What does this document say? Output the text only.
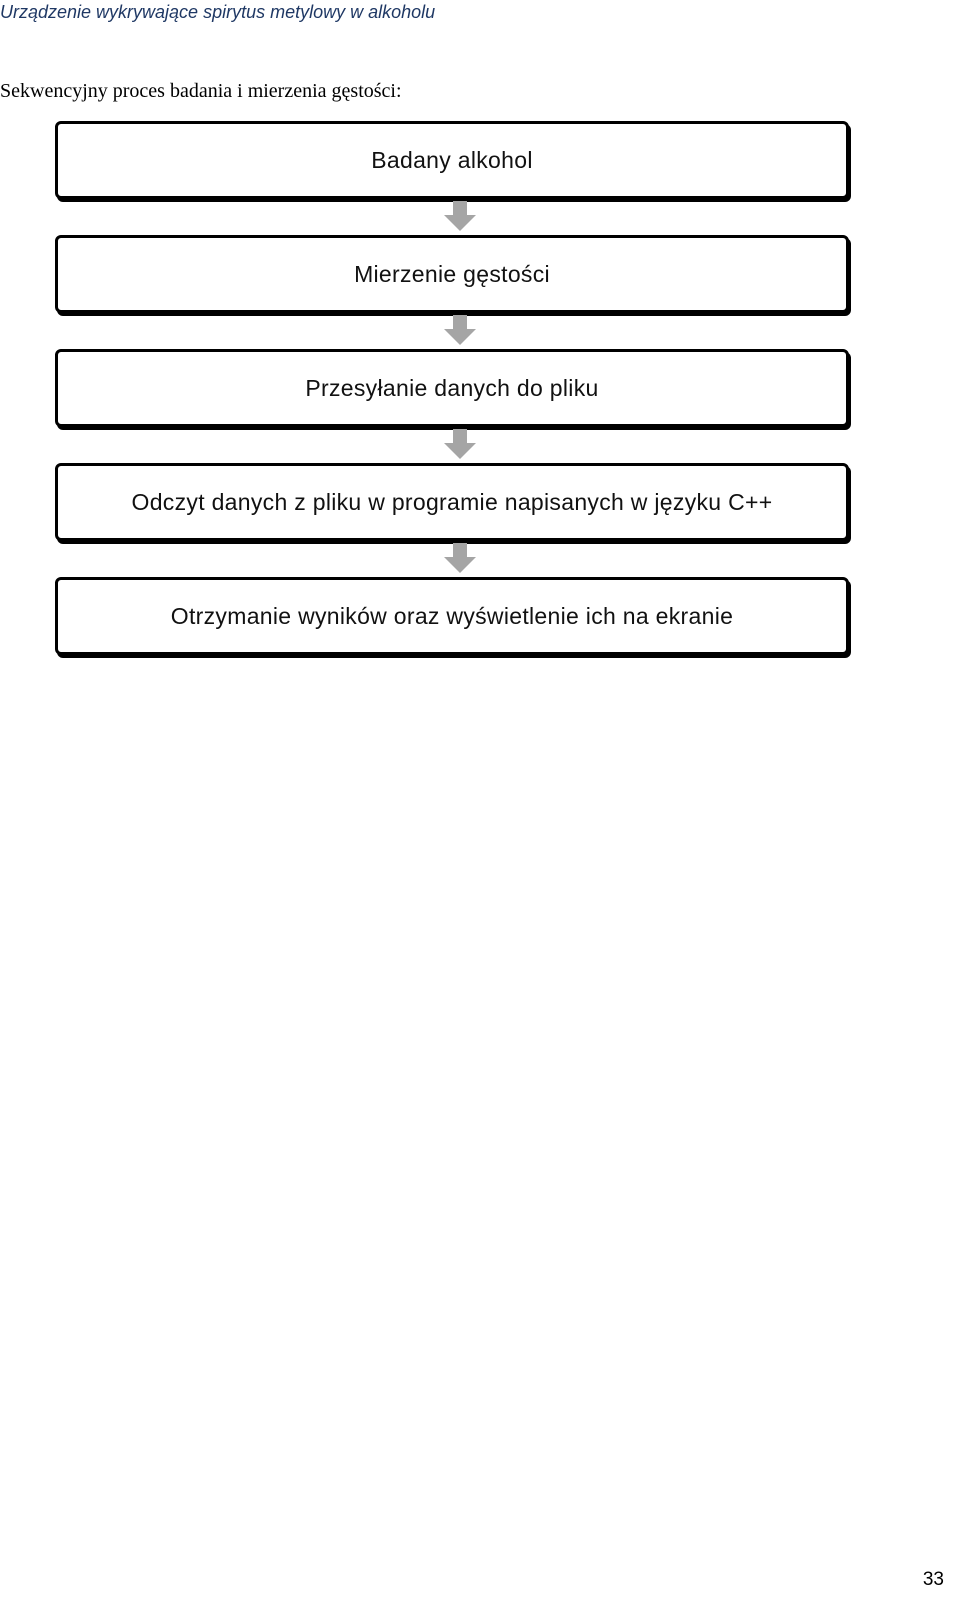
Urządzenie wykrywające spirytus metylowy w alkoholu
Sekwencyjny proces badania i mierzenia gęstości:
Badany alkohol
Mierzenie gęstości
Przesyłanie danych do pliku
Odczyt danych z pliku w programie napisanych w języku C++
Otrzymanie wyników oraz wyświetlenie ich na ekranie
33
